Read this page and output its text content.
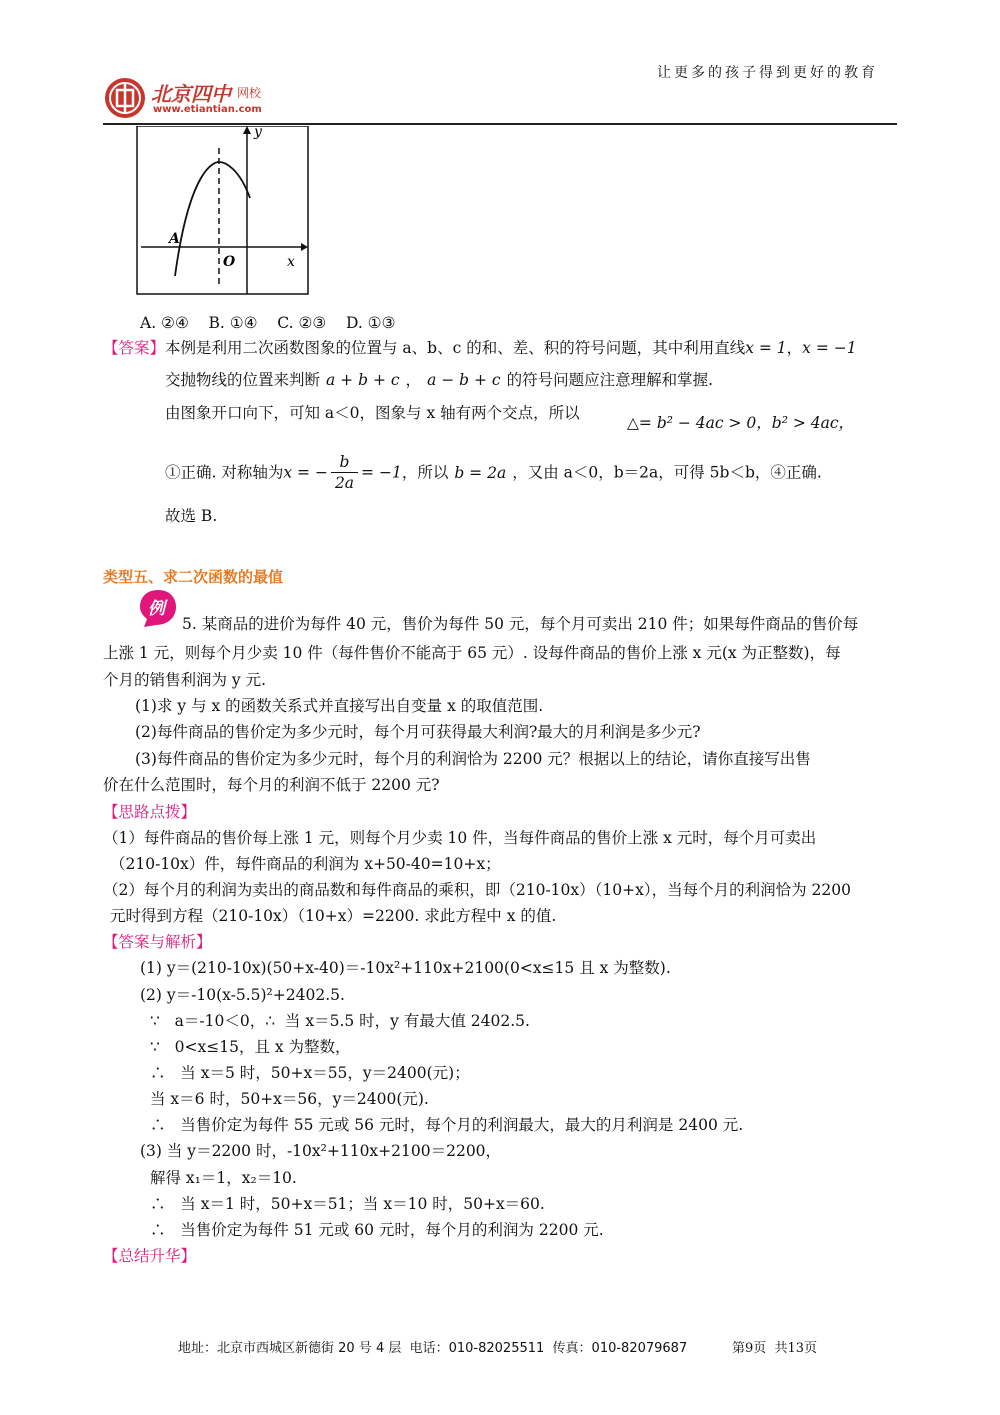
北京四中 网校
www.etiantian.com
让更多的孩子得到更好的教育
y
x
O
A
A. ②④    B. ①④    C. ②③    D. ①③
【答案】 本例是利用二次函数图象的位置与 a、b、c 的和、差、积的符号问题，其中利用直线x = 1，x = −1
交抛物线的位置来判断 a + b + c ， a − b + c 的符号问题应注意理解和掌握.
由图象开口向下，可知 a＜0，图象与 x 轴有两个交点，所以
△= b² − 4ac > 0，b² > 4ac，
①正确. 对称轴为x = − $\frac{b}{2a} = -1$，所以 b = 2a ，又由 a＜0，b＝2a，可得 5b＜b，④正确.
故选 B.
类型五、求二次函数的最值
例
5. 某商品的进价为每件 40 元，售价为每件 50 元，每个月可卖出 210 件；如果每件商品的售价每
上涨 1 元，则每个月少卖 10 件（每件售价不能高于 65 元）. 设每件商品的售价上涨 x 元(x 为正整数)，每
个月的销售利润为 y 元.
(1)求 y 与 x 的函数关系式并直接写出自变量 x 的取值范围.
(2)每件商品的售价定为多少元时，每个月可获得最大利润?最大的月利润是多少元?
(3)每件商品的售价定为多少元时，每个月的利润恰为 2200 元？根据以上的结论，请你直接写出售
价在什么范围时，每个月的利润不低于 2200 元?
【思路点拨】
（1）每件商品的售价每上涨 1 元，则每个月少卖 10 件，当每件商品的售价上涨 x 元时，每个月可卖出
（210-10x）件，每件商品的利润为 x+50-40=10+x；
（2）每个月的利润为卖出的商品数和每件商品的乘积，即（210-10x）（10+x），当每个月的利润恰为 2200
元时得到方程（210-10x）（10+x）=2200. 求此方程中 x 的值.
【答案与解析】
(1) y＝(210-10x)(50+x-40)＝-10x²+110x+2100(0<x≤15 且 x 为整数).
(2) y＝-10(x-5.5)²+2402.5.
∵   a＝-10＜0，∴  当 x＝5.5 时，y 有最大值 2402.5.
∵   0<x≤15，且 x 为整数，
∴   当 x＝5 时，50+x＝55，y＝2400(元)；
当 x＝6 时，50+x＝56，y＝2400(元).
∴   当售价定为每件 55 元或 56 元时，每个月的利润最大，最大的月利润是 2400 元.
(3) 当 y＝2200 时，-10x²+110x+2100＝2200，
解得 x₁＝1，x₂＝10.
∴   当 x＝1 时，50+x＝51；当 x＝10 时，50+x＝60.
∴   当售价定为每件 51 元或 60 元时，每个月的利润为 2200 元.
【总结升华】
地址：北京市西城区新德街 20 号 4 层  电话：010-82025511  传真：010-82079687	第9页  共13页
